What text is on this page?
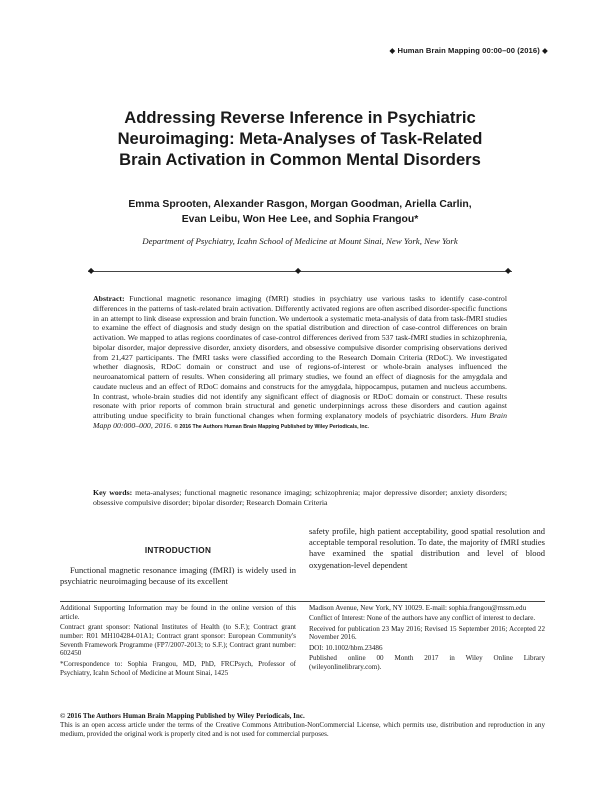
◆ Human Brain Mapping 00:00–00 (2016) ◆
Addressing Reverse Inference in Psychiatric
Neuroimaging: Meta-Analyses of Task-Related
Brain Activation in Common Mental Disorders
Emma Sprooten, Alexander Rasgon, Morgan Goodman, Ariella Carlin,
Evan Leibu, Won Hee Lee, and Sophia Frangou*
Department of Psychiatry, Icahn School of Medicine at Mount Sinai, New York, New York
◆	◆	◆
Abstract: Functional magnetic resonance imaging (fMRI) studies in psychiatry use various tasks to identify case-control differences in the patterns of task-related brain activation. Differently activated regions are often ascribed disorder-specific functions in an attempt to link disease expression and brain function. We undertook a systematic meta-analysis of data from task-fMRI studies to examine the effect of diagnosis and study design on the spatial distribution and direction of case-control differences on brain activation. We mapped to atlas regions coordinates of case-control differences derived from 537 task-fMRI studies in schizophrenia, bipolar disorder, major depressive disorder, anxiety disorders, and obsessive compulsive disorder comprising observations derived from 21,427 participants. The fMRI tasks were classified according to the Research Domain Criteria (RDoC). We investigated whether diagnosis, RDoC domain or construct and use of regions-of-interest or whole-brain analyses influenced the neuroanatomical pattern of results. When considering all primary studies, we found an effect of diagnosis for the amygdala and caudate nucleus and an effect of RDoC domains and constructs for the amygdala, hippocampus, putamen and nucleus accumbens. In contrast, whole-brain studies did not identify any significant effect of diagnosis or RDoC domain or construct. These results resonate with prior reports of common brain structural and genetic underpinnings across these disorders and caution against attributing undue specificity to brain functional changes when forming explanatory models of psychiatric disorders. Hum Brain Mapp 00:000–000, 2016. © 2016 The Authors Human Brain Mapping Published by Wiley Periodicals, Inc.
Key words: meta-analyses; functional magnetic resonance imaging; schizophrenia; major depressive disorder; anxiety disorders; obsessive compulsive disorder; bipolar disorder; Research Domain Criteria
INTRODUCTION
Functional magnetic resonance imaging (fMRI) is widely used in psychiatric neuroimaging because of its excellent
safety profile, high patient acceptability, good spatial resolution and acceptable temporal resolution. To date, the majority of fMRI studies have examined the spatial distribution and level of blood oxygenation-level dependent

Additional Supporting Information may be found in the online version of this article.

Contract grant sponsor: National Institutes of Health (to S.F.); Contract grant number: R01 MH104284-01A1; Contract grant sponsor: European Community's Seventh Framework Programme (FP7/2007-2013; to S.F.); Contract grant number: 602450

*Correspondence to: Sophia Frangou, MD, PhD, FRCPsych, Professor of Psychiatry, Icahn School of Medicine at Mount Sinai, 1425

Madison Avenue, New York, NY 10029. E-mail: sophia.frangou@mssm.edu

Conflict of Interest: None of the authors have any conflict of interest to declare.

Received for publication 23 May 2016; Revised 15 September 2016; Accepted 22 November 2016.

DOI: 10.1002/hbm.23486

Published online 00 Month 2017 in Wiley Online Library (wileyonlinelibrary.com).

© 2016 The Authors Human Brain Mapping Published by Wiley Periodicals, Inc.
This is an open access article under the terms of the Creative Commons Attribution-NonCommercial License, which permits use, distribution and reproduction in any medium, provided the original work is properly cited and is not used for commercial purposes.
